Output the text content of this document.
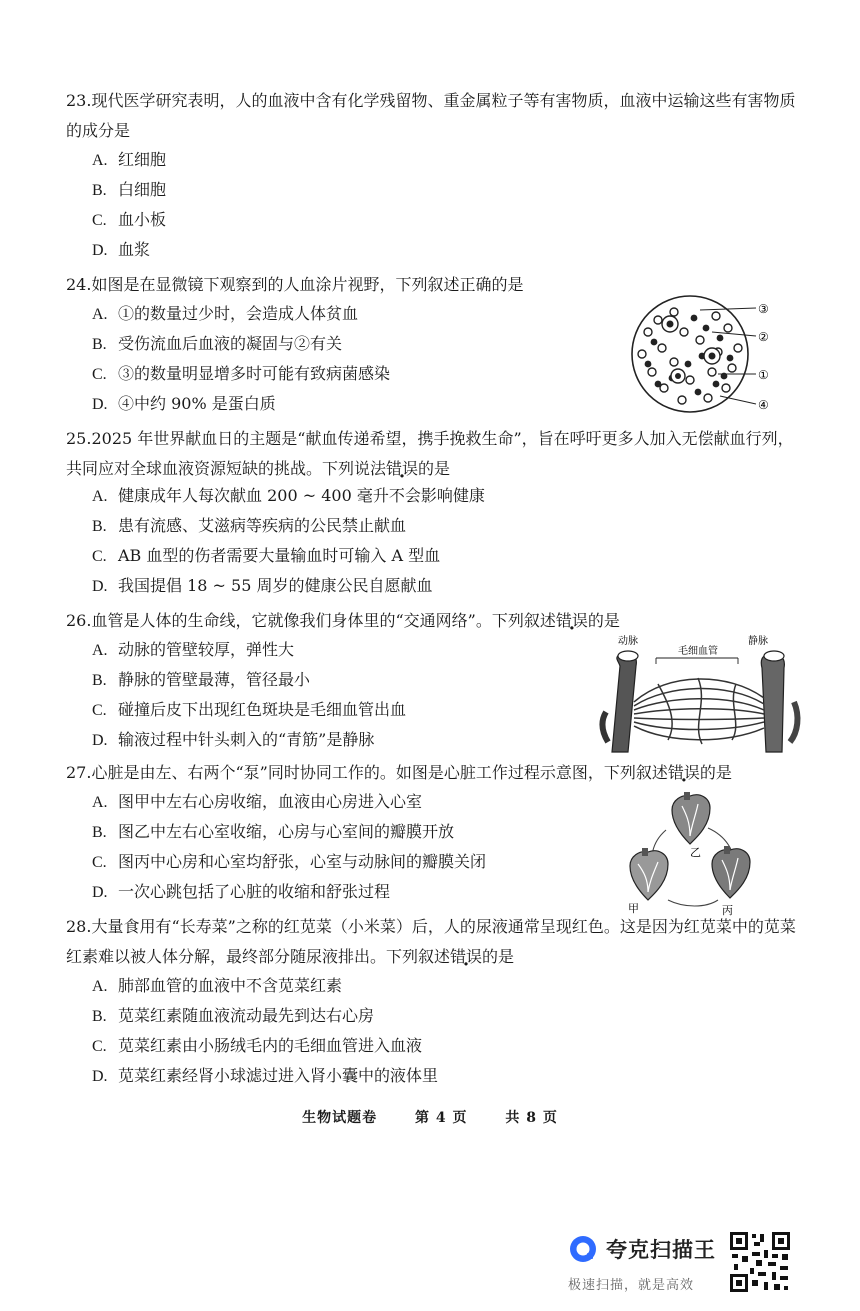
23.现代医学研究表明，人的血液中含有化学残留物、重金属粒子等有害物质，血液中运输这些有害物质的成分是

A. 红细胞

B. 白细胞

C. 血小板

D. 血浆

24.如图是在显微镜下观察到的人血涂片视野，下列叙述正确的是

A. ①的数量过少时，会造成人体贫血

B. 受伤流血后血液的凝固与②有关

C. ③的数量明显增多时可能有致病菌感染

D. ④中约 90% 是蛋白质

③
②
①
④

25.2025 年世界献血日的主题是“献血传递希望，携手挽救生命”，旨在呼吁更多人加入无偿献血行列，共同应对全球血液资源短缺的挑战。下列说法错误的是

A. 健康成年人每次献血 200 ~ 400 毫升不会影响健康

B. 患有流感、艾滋病等疾病的公民禁止献血

C. AB 血型的伤者需要大量输血时可输入 A 型血

D. 我国提倡 18 ~ 55 周岁的健康公民自愿献血

26.血管是人体的生命线，它就像我们身体里的“交通网络”。下列叙述错误的是

A. 动脉的管壁较厚，弹性大

B. 静脉的管壁最薄，管径最小

C. 碰撞后皮下出现红色斑块是毛细血管出血

D. 输液过程中针头刺入的“青筋”是静脉

动脉
毛细血管
静脉

27.心脏是由左、右两个“泵”同时协同工作的。如图是心脏工作过程示意图，下列叙述错误的是

A. 图甲中左右心房收缩，血液由心房进入心室

B. 图乙中左右心室收缩，心房与心室间的瓣膜开放

C. 图丙中心房和心室均舒张，心室与动脉间的瓣膜关闭

D. 一次心跳包括了心脏的收缩和舒张过程

乙
甲	丙

28.大量食用有“长寿菜”之称的红苋菜（小米菜）后，人的尿液通常呈现红色。这是因为红苋菜中的苋菜红素难以被人体分解，最终部分随尿液排出。下列叙述错误的是

A. 肺部血管的血液中不含苋菜红素

B. 苋菜红素随血液流动最先到达右心房

C. 苋菜红素由小肠绒毛内的毛细血管进入血液

D. 苋菜红素经肾小球滤过进入肾小囊中的液体里

生物试题卷	第 4 页	共 8 页
夸克扫描王
极速扫描，就是高效
